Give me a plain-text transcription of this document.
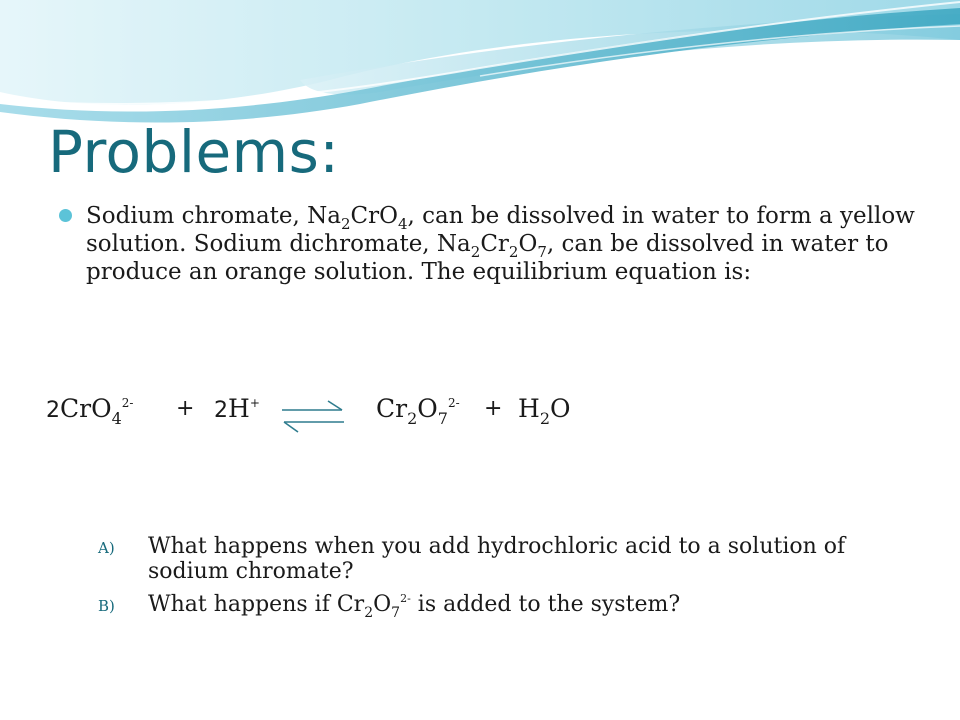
Problems:
Sodium chromate, $Na_2CrO_4$, can be dissolved in water to form a yellow solution. Sodium dichromate, $Na_2Cr_2O_7$, can be dissolved in water to produce an orange solution. The equilibrium equation is:
2CrO$_4^{2-}$ + 2H+	$Cr_2O_7^{2-} + H_2O$
A) What happens when you add hydrochloric acid to a solution of sodium chromate?
B) What happens if $Cr_2O_7^{2-}$ is added to the system?
